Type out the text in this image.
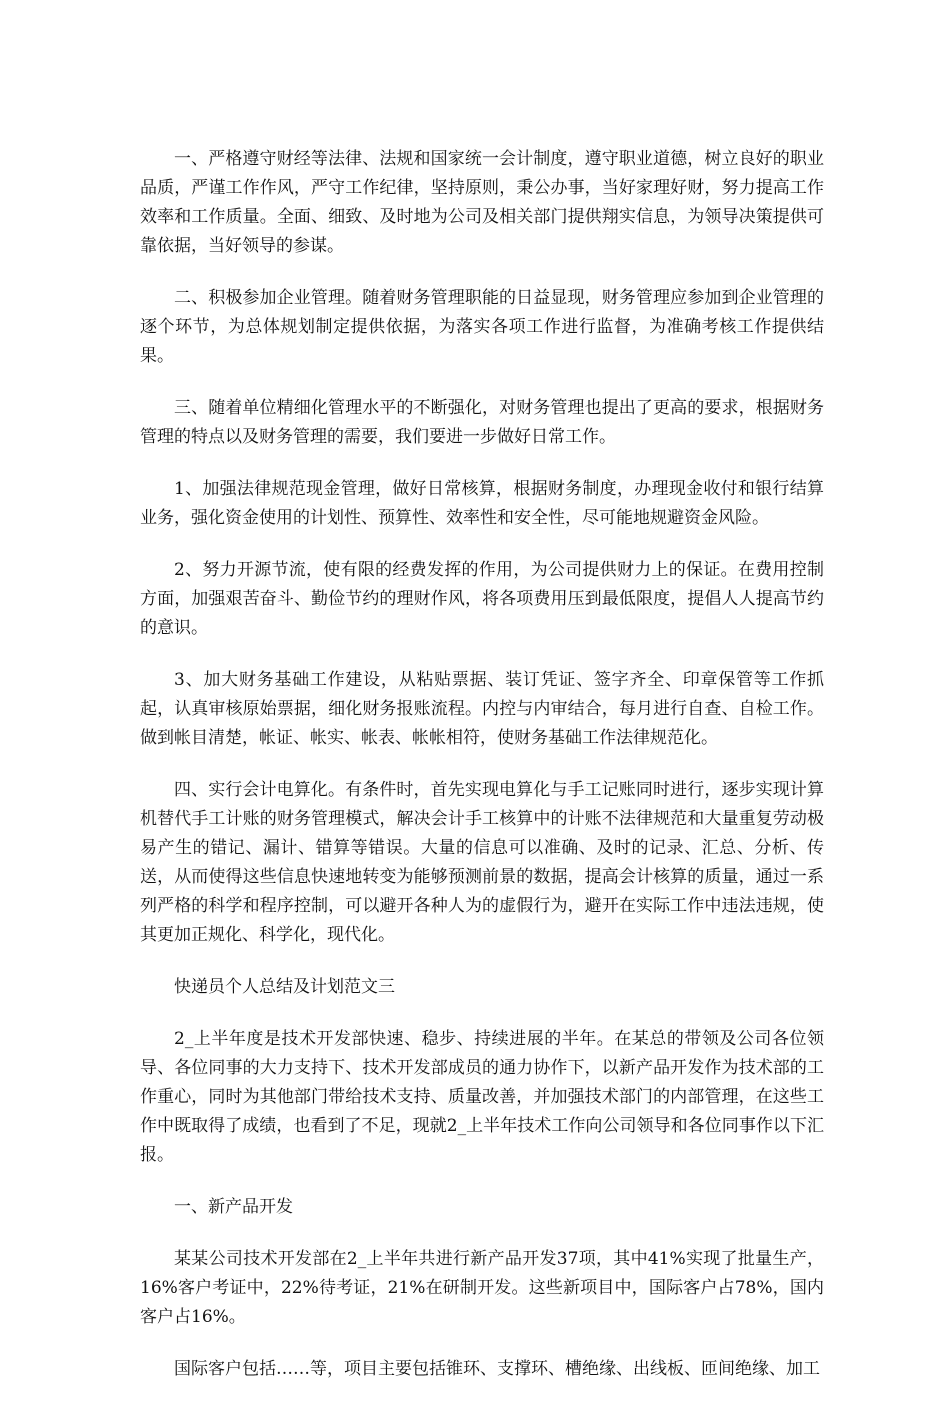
一、严格遵守财经等法律、法规和国家统一会计制度，遵守职业道德，树立良好的职业品质，严谨工作作风，严守工作纪律，坚持原则，秉公办事，当好家理好财，努力提高工作效率和工作质量。全面、细致、及时地为公司及相关部门提供翔实信息，为领导决策提供可靠依据，当好领导的参谋。

二、积极参加企业管理。随着财务管理职能的日益显现，财务管理应参加到企业管理的逐个环节，为总体规划制定提供依据，为落实各项工作进行监督，为准确考核工作提供结果。

三、随着单位精细化管理水平的不断强化，对财务管理也提出了更高的要求，根据财务管理的特点以及财务管理的需要，我们要进一步做好日常工作。

1、加强法律规范现金管理，做好日常核算，根据财务制度，办理现金收付和银行结算业务，强化资金使用的计划性、预算性、效率性和安全性，尽可能地规避资金风险。

2、努力开源节流，使有限的经费发挥的作用，为公司提供财力上的保证。在费用控制方面，加强艰苦奋斗、勤俭节约的理财作风，将各项费用压到最低限度，提倡人人提高节约的意识。

3、加大财务基础工作建设，从粘贴票据、装订凭证、签字齐全、印章保管等工作抓起，认真审核原始票据，细化财务报账流程。内控与内审结合，每月进行自查、自检工作。做到帐目清楚，帐证、帐实、帐表、帐帐相符，使财务基础工作法律规范化。

四、实行会计电算化。有条件时，首先实现电算化与手工记账同时进行，逐步实现计算机替代手工计账的财务管理模式，解决会计手工核算中的计账不法律规范和大量重复劳动极易产生的错记、漏计、错算等错误。大量的信息可以准确、及时的记录、汇总、分析、传送，从而使得这些信息快速地转变为能够预测前景的数据，提高会计核算的质量，通过一系列严格的科学和程序控制，可以避开各种人为的虚假行为，避开在实际工作中违法违规，使其更加正规化、科学化，现代化。

快递员个人总结及计划范文三

2_上半年度是技术开发部快速、稳步、持续进展的半年。在某总的带领及公司各位领导、各位同事的大力支持下、技术开发部成员的通力协作下，以新产品开发作为技术部的工作重心，同时为其他部门带给技术支持、质量改善，并加强技术部门的内部管理，在这些工作中既取得了成绩，也看到了不足，现就2_上半年技术工作向公司领导和各位同事作以下汇报。

一、新产品开发

某某公司技术开发部在2_上半年共进行新产品开发37项，其中41%实现了批量生产，16%客户考证中，22%待考证，21%在研制开发。这些新项目中，国际客户占78%，国内客户占16%。

国际客户包括……等，项目主要包括锥环、支撑环、槽绝缘、出线板、匝间绝缘、加工
